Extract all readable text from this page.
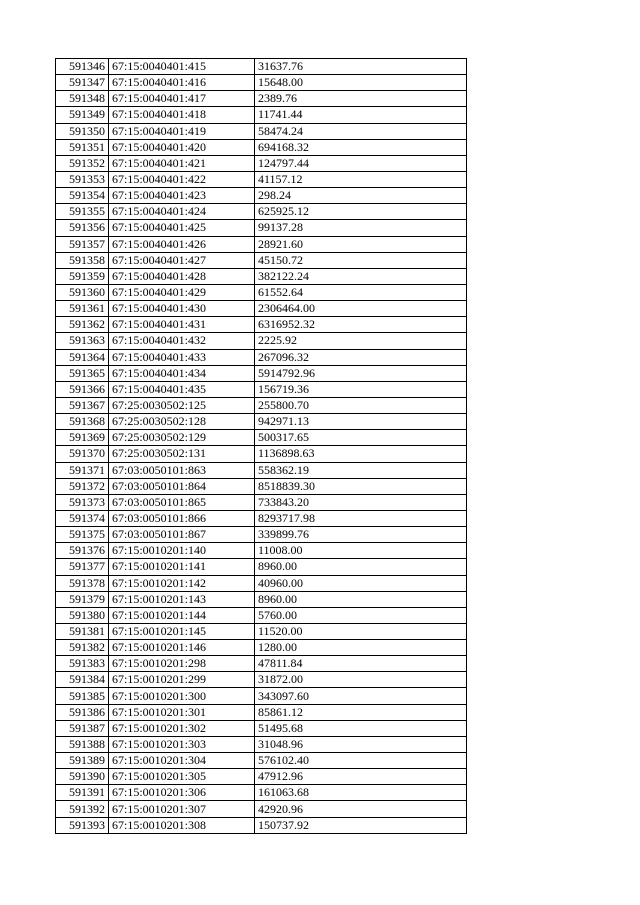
591346	67:15:0040401:415	31637.76
591347	67:15:0040401:416	15648.00
591348	67:15:0040401:417	2389.76
591349	67:15:0040401:418	11741.44
591350	67:15:0040401:419	58474.24
591351	67:15:0040401:420	694168.32
591352	67:15:0040401:421	124797.44
591353	67:15:0040401:422	41157.12
591354	67:15:0040401:423	298.24
591355	67:15:0040401:424	625925.12
591356	67:15:0040401:425	99137.28
591357	67:15:0040401:426	28921.60
591358	67:15:0040401:427	45150.72
591359	67:15:0040401:428	382122.24
591360	67:15:0040401:429	61552.64
591361	67:15:0040401:430	2306464.00
591362	67:15:0040401:431	6316952.32
591363	67:15:0040401:432	2225.92
591364	67:15:0040401:433	267096.32
591365	67:15:0040401:434	5914792.96
591366	67:15:0040401:435	156719.36
591367	67:25:0030502:125	255800.70
591368	67:25:0030502:128	942971.13
591369	67:25:0030502:129	500317.65
591370	67:25:0030502:131	1136898.63
591371	67:03:0050101:863	558362.19
591372	67:03:0050101:864	8518839.30
591373	67:03:0050101:865	733843.20
591374	67:03:0050101:866	8293717.98
591375	67:03:0050101:867	339899.76
591376	67:15:0010201:140	11008.00
591377	67:15:0010201:141	8960.00
591378	67:15:0010201:142	40960.00
591379	67:15:0010201:143	8960.00
591380	67:15:0010201:144	5760.00
591381	67:15:0010201:145	11520.00
591382	67:15:0010201:146	1280.00
591383	67:15:0010201:298	47811.84
591384	67:15:0010201:299	31872.00
591385	67:15:0010201:300	343097.60
591386	67:15:0010201:301	85861.12
591387	67:15:0010201:302	51495.68
591388	67:15:0010201:303	31048.96
591389	67:15:0010201:304	576102.40
591390	67:15:0010201:305	47912.96
591391	67:15:0010201:306	161063.68
591392	67:15:0010201:307	42920.96
591393	67:15:0010201:308	150737.92
